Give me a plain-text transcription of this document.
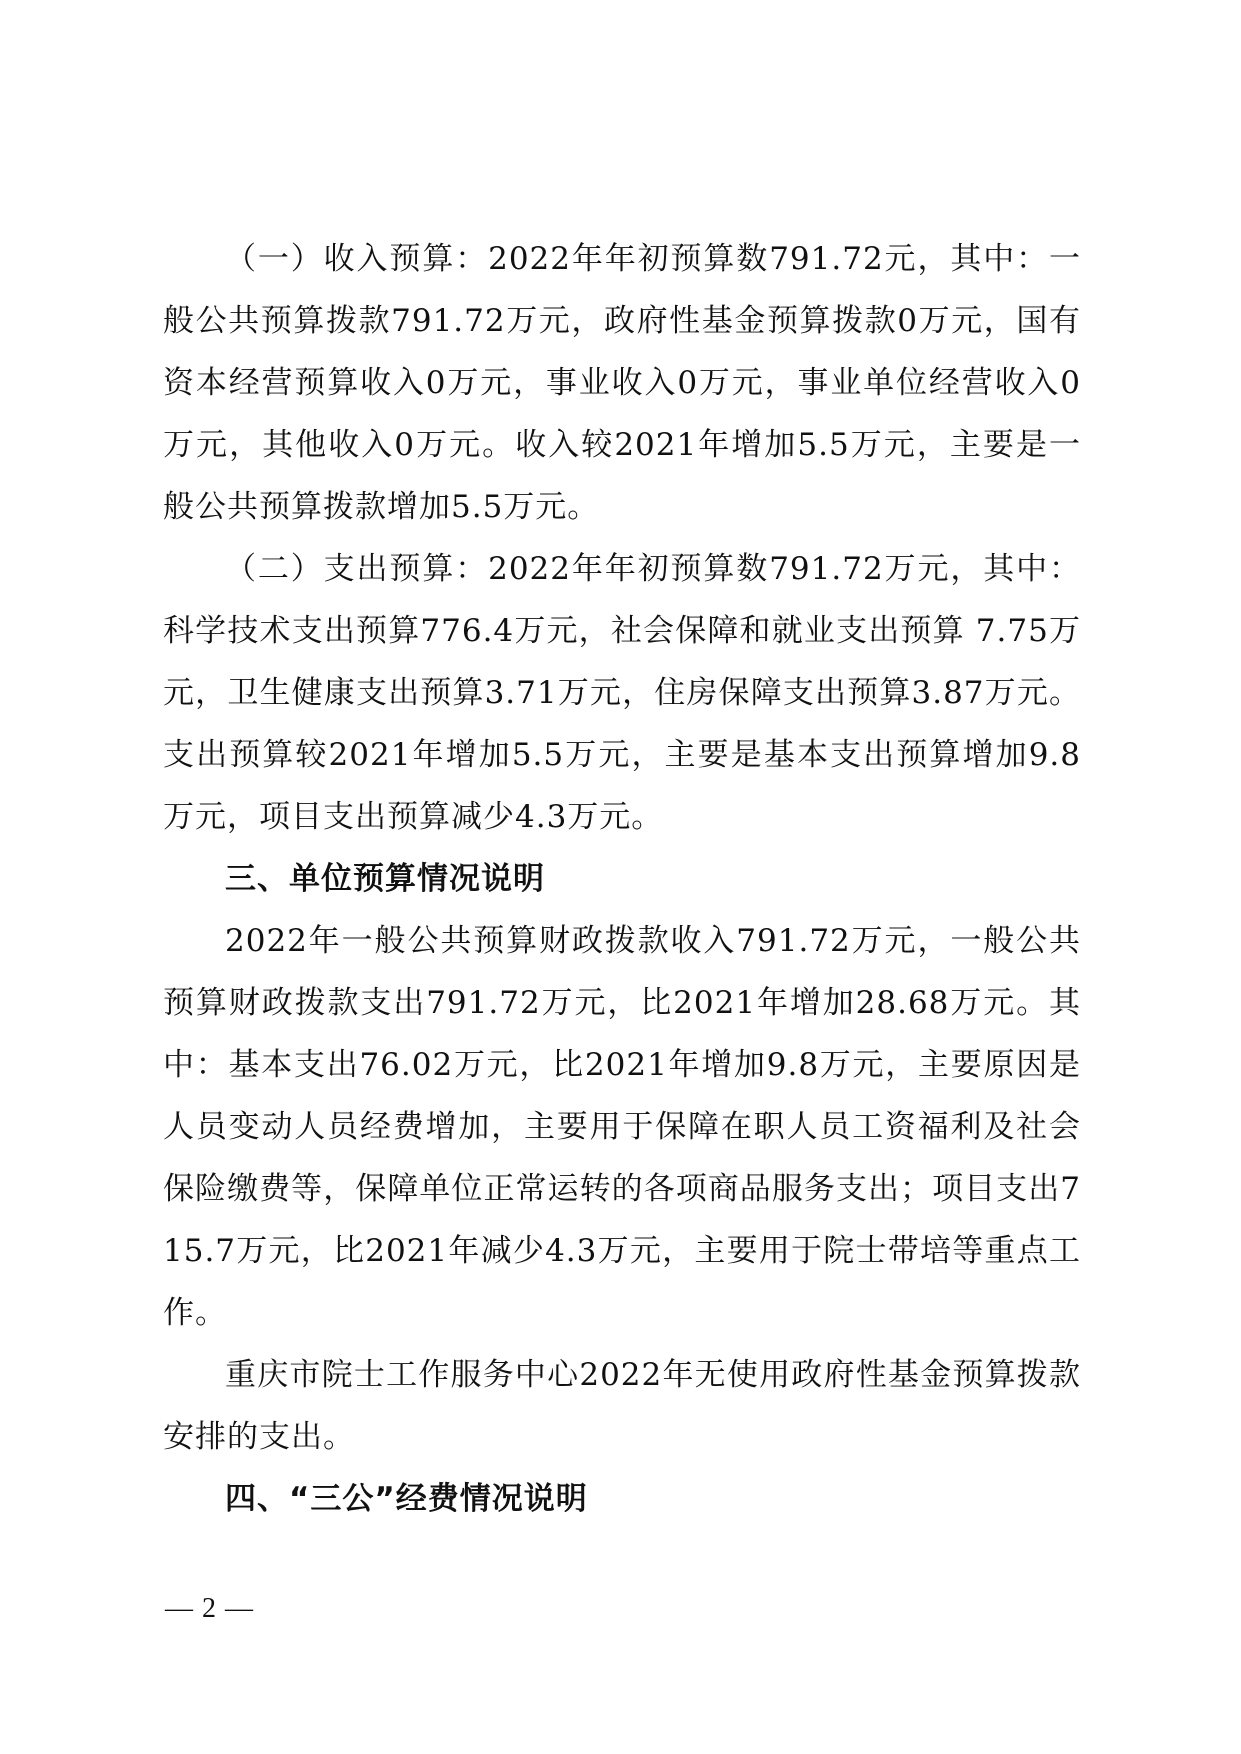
（一）收入预算：2022年年初预算数791.72元，其中：一般公共预算拨款791.72万元，政府性基金预算拨款0万元，国有资本经营预算收入0万元，事业收入0万元，事业单位经营收入0万元，其他收入0万元。收入较2021年增加5.5万元，主要是一般公共预算拨款增加5.5万元。

（二）支出预算：2022年年初预算数791.72万元，其中：科学技术支出预算776.4万元，社会保障和就业支出预算 7.75万元，卫生健康支出预算3.71万元，住房保障支出预算3.87万元。支出预算较2021年增加5.5万元，主要是基本支出预算增加9.8万元，项目支出预算减少4.3万元。

三、单位预算情况说明

2022年一般公共预算财政拨款收入791.72万元，一般公共预算财政拨款支出791.72万元，比2021年增加28.68万元。其中：基本支出76.02万元，比2021年增加9.8万元，主要原因是人员变动人员经费增加，主要用于保障在职人员工资福利及社会保险缴费等，保障单位正常运转的各项商品服务支出；项目支出715.7万元，比2021年减少4.3万元，主要用于院士带培等重点工作。

重庆市院士工作服务中心2022年无使用政府性基金预算拨款安排的支出。

四、“三公”经费情况说明

— 2 —
